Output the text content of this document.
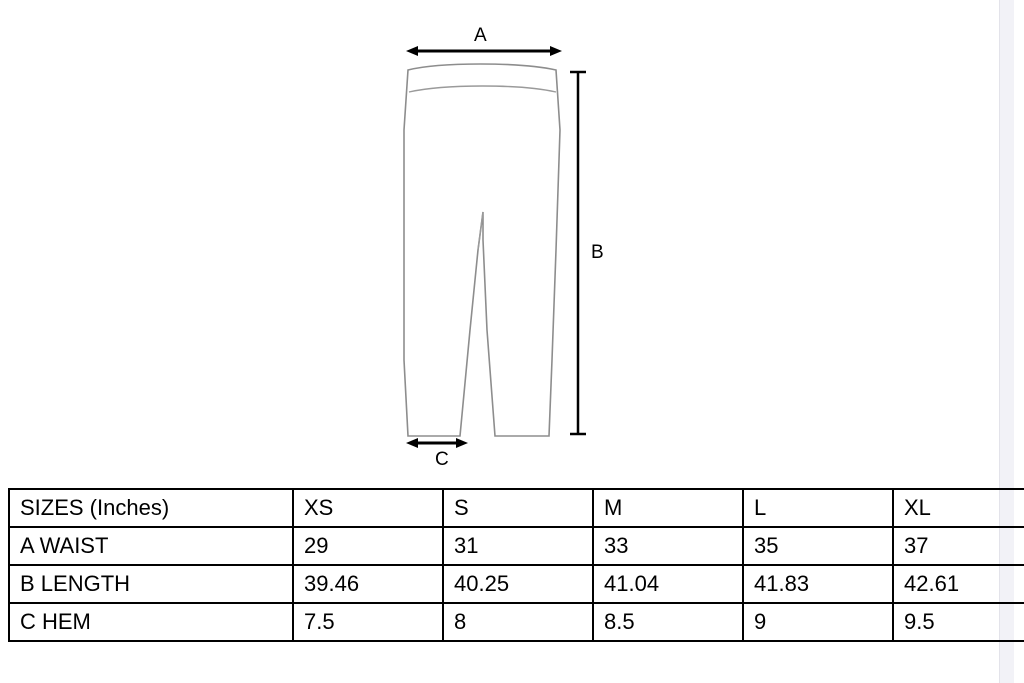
A
B
C
SIZES (Inches)	XS	S	M	L	XL
A WAIST	29	31	33	35	37
B LENGTH	39.46	40.25	41.04	41.83	42.61
C HEM	7.5	8	8.5	9	9.5
